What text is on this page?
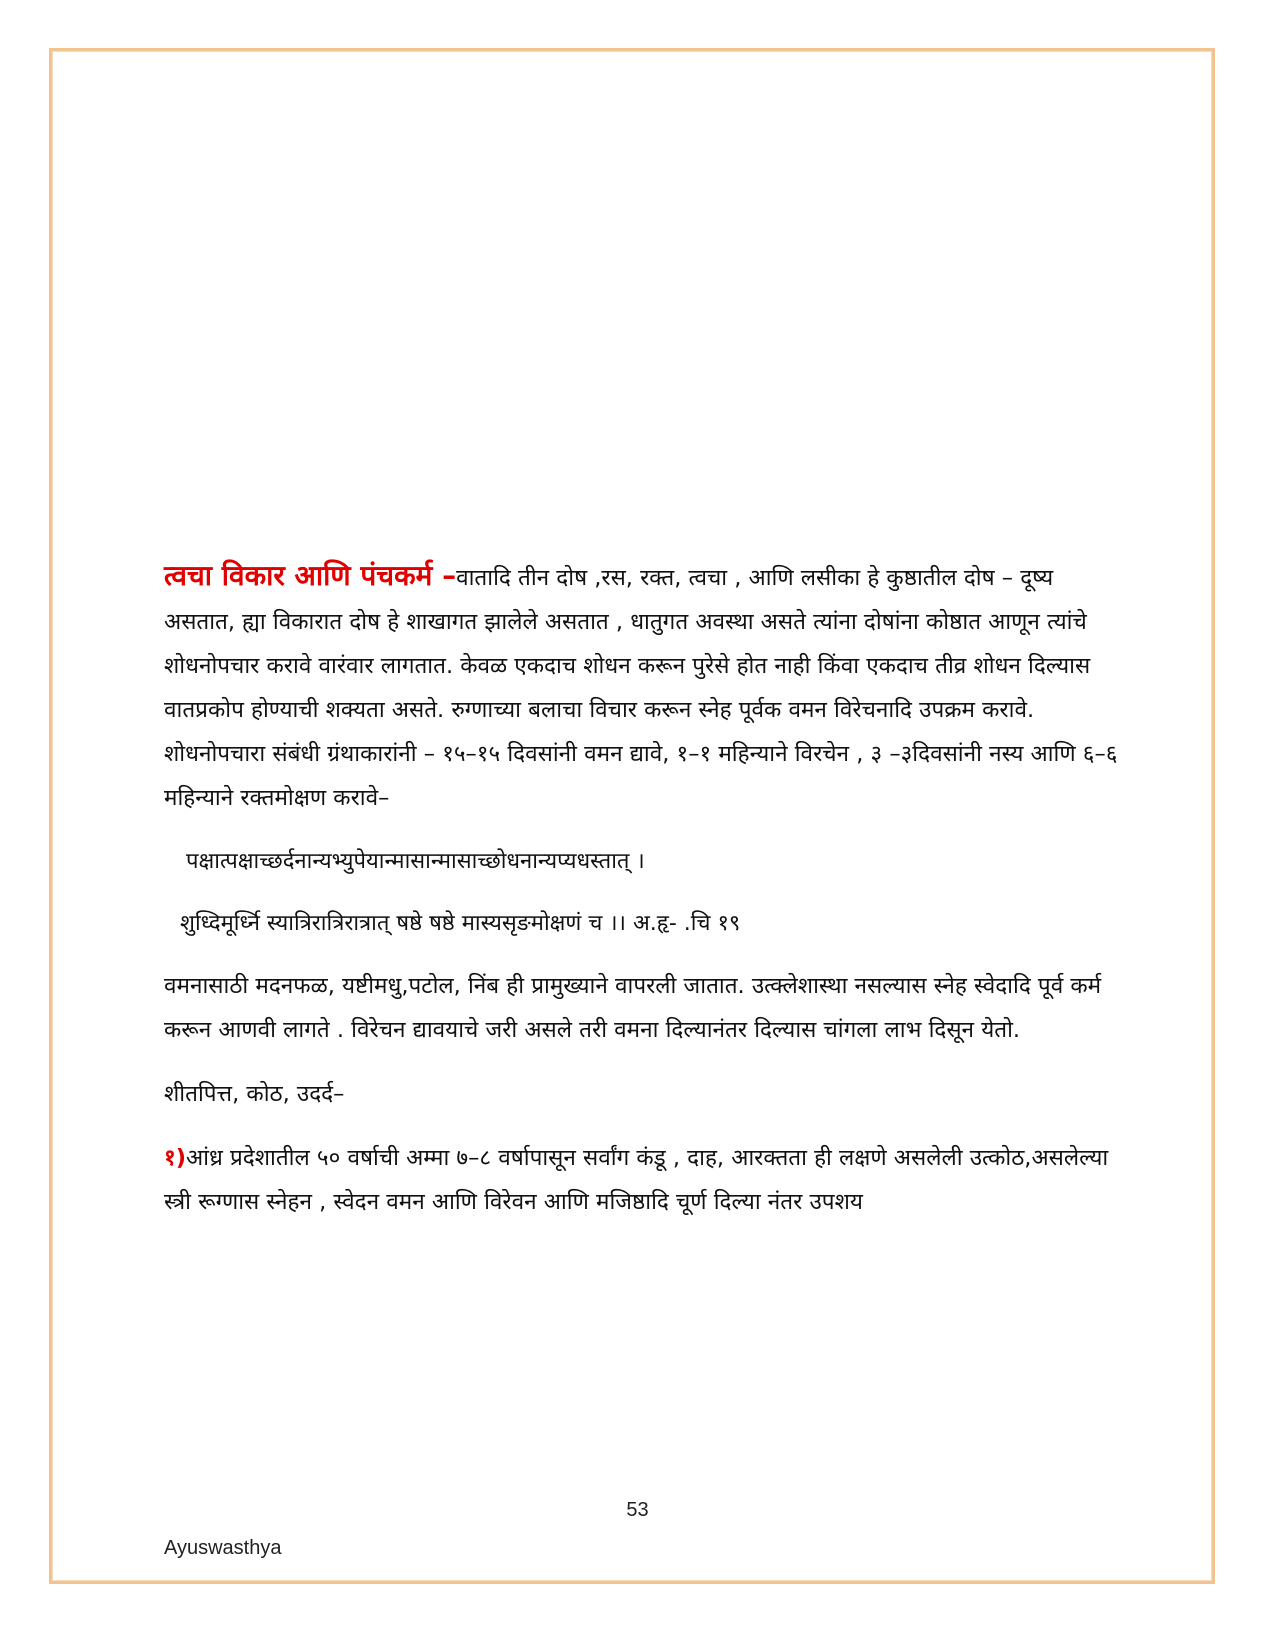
त्वचा विकार आणि पंचकर्म –वातादि तीन दोष ,रस, रक्त, त्वचा , आणि लसीका हे कुष्ठातील दोष – दूष्य असतात, ह्या विकारात दोष हे शाखागत झालेले असतात , धातुगत अवस्था असते त्यांना दोषांना कोष्ठात आणून त्यांचे शोधनोपचार करावे वारंवार लागतात. केवळ एकदाच शोधन करून पुरेसे होत नाही किंवा एकदाच तीव्र शोधन दिल्यास वातप्रकोप होण्याची शक्यता असते. रुग्णाच्या बलाचा विचार करून स्नेह पूर्वक वमन विरेचनादि उपक्रम करावे. शोधनोपचारा संबंधी ग्रंथाकारांनी – १५–१५ दिवसांनी वमन द्यावे, १–१ महिन्याने विरचेन , ३ –३दिवसांनी नस्य आणि ६–६ महिन्याने रक्तमोक्षण करावे–

पक्षात्पक्षाच्छर्दनान्यभ्युपेयान्मासान्मासाच्छोधनान्यप्यधस्तात् ।

शुध्दिमूर्ध्नि स्यात्रिरात्रिरात्रात् षष्ठे षष्ठे मास्यसृङमोक्षणं च ।। अ.हृ- .चि १९

वमनासाठी मदनफळ, यष्टीमधु,पटोल, निंब ही प्रामुख्याने वापरली जातात. उत्क्लेशास्था नसल्यास स्नेह स्वेदादि पूर्व कर्म करून आणवी लागते . विरेचन द्यावयाचे जरी असले तरी वमना दिल्यानंतर दिल्यास चांगला लाभ दिसून येतो.

शीतपित्त, कोठ, उदर्द–

१)आंध्र प्रदेशातील ५० वर्षाची अम्मा ७–८ वर्षापासून सर्वांग कंडू , दाह, आरक्तता ही लक्षणे असलेली उत्कोठ,असलेल्या स्त्री रूग्णास स्नेहन , स्वेदन वमन आणि विरेवन आणि मजिष्ठादि चूर्ण दिल्या नंतर उपशय

53
Ayuswasthya
